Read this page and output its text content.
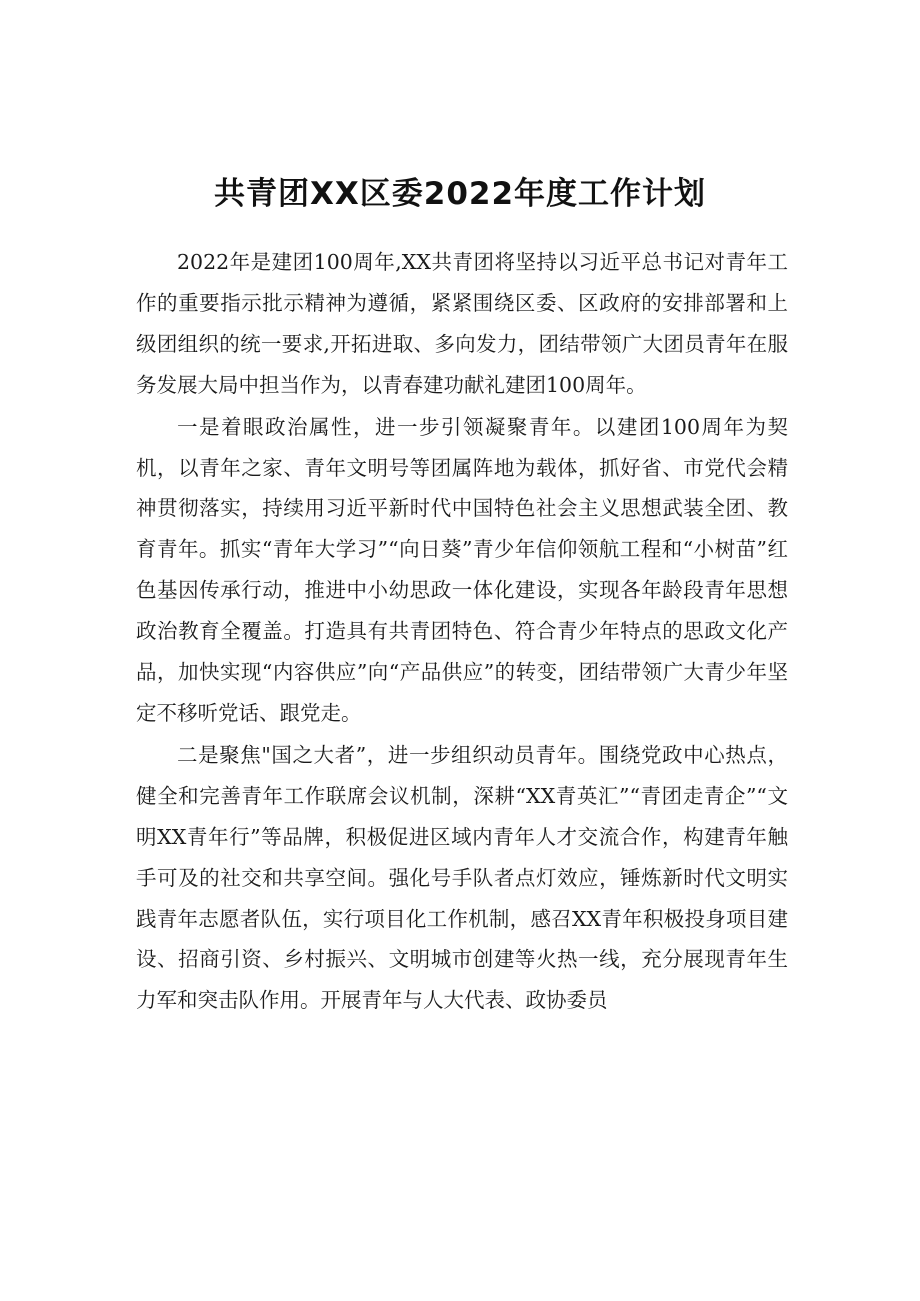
共青团XX区委2022年度工作计划

2022年是建团100周年,XX共青团将坚持以习近平总书记对青年工作的重要指示批示精神为遵循，紧紧围绕区委、区政府的安排部署和上级团组织的统一要求,开拓进取、多向发力，团结带领广大团员青年在服务发展大局中担当作为，以青春建功献礼建团100周年。

一是着眼政治属性，进一步引领凝聚青年。以建团100周年为契机，以青年之家、青年文明号等团属阵地为载体，抓好省、市党代会精神贯彻落实，持续用习近平新时代中国特色社会主义思想武装全团、教育青年。抓实“青年大学习”“向日葵”青少年信仰领航工程和“小树苗”红色基因传承行动，推进中小幼思政一体化建设，实现各年龄段青年思想政治教育全覆盖。打造具有共青团特色、符合青少年特点的思政文化产品，加快实现“内容供应”向“产品供应”的转变，团结带领广大青少年坚定不移听党话、跟党走。

二是聚焦"国之大者”，进一步组织动员青年。围绕党政中心热点，健全和完善青年工作联席会议机制，深耕“XX青英汇”“青团走青企”“文明XX青年行”等品牌，积极促进区域内青年人才交流合作，构建青年触手可及的社交和共享空间。强化号手队者点灯效应，锤炼新时代文明实践青年志愿者队伍，实行项目化工作机制，感召XX青年积极投身项目建设、招商引资、乡村振兴、文明城市创建等火热一线，充分展现青年生力军和突击队作用。开展青年与人大代表、政协委员
